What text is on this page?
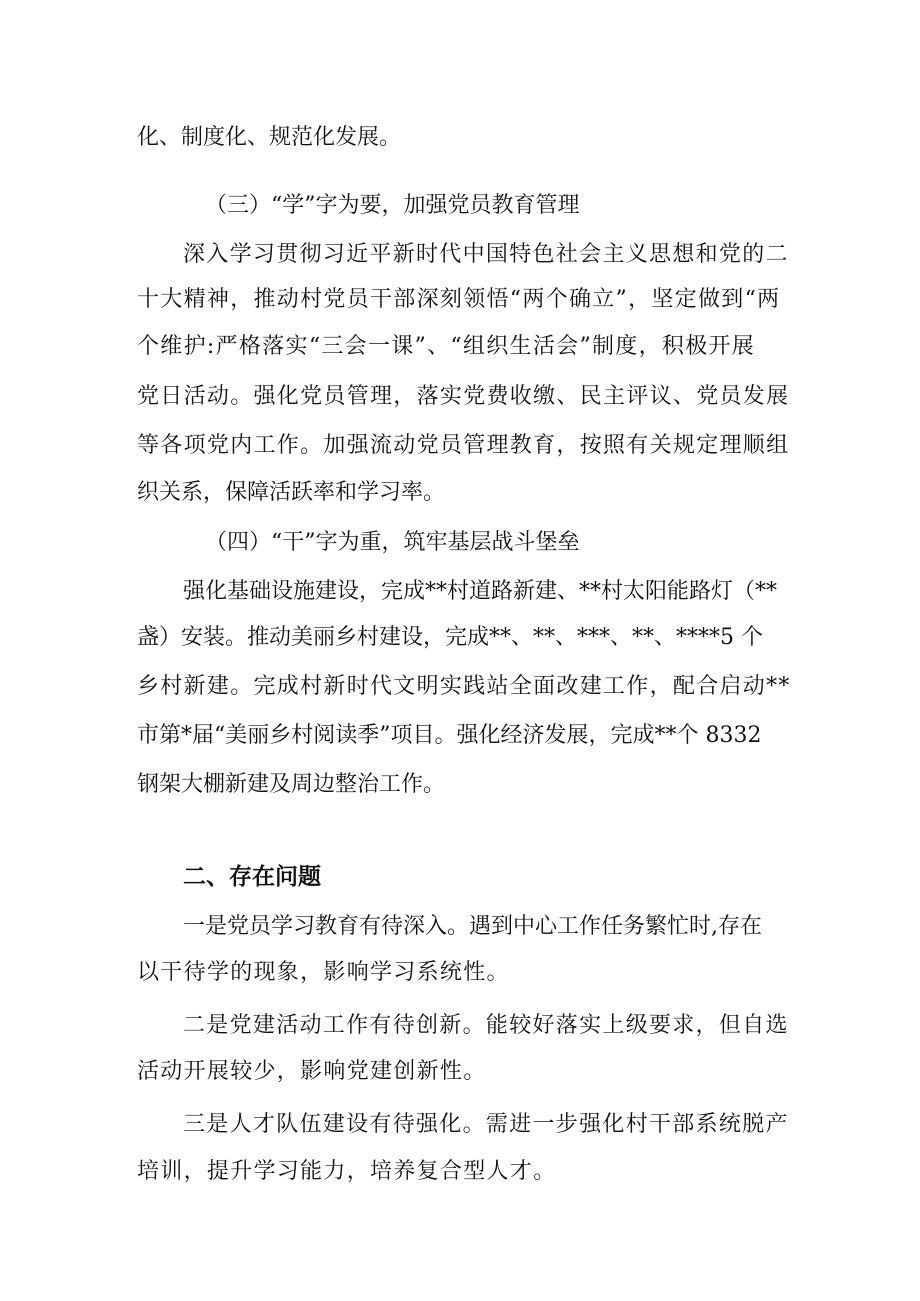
化、制度化、规范化发展。
（三）“学”字为要，加强党员教育管理
深入学习贯彻习近平新时代中国特色社会主义思想和党的二
十大精神，推动村党员干部深刻领悟“两个确立”，坚定做到“两
个维护:严格落实“三会一课”、“组织生活会”制度，积极开展
党日活动。强化党员管理，落实党费收缴、民主评议、党员发展
等各项党内工作。加强流动党员管理教育，按照有关规定理顺组
织关系，保障活跃率和学习率。
（四）“干”字为重，筑牢基层战斗堡垒
强化基础设施建设，完成**村道路新建、**村太阳能路灯（**
盏）安装。推动美丽乡村建设，完成**、**、***、**、****5 个
乡村新建。完成村新时代文明实践站全面改建工作，配合启动**
市第*届“美丽乡村阅读季”项目。强化经济发展，完成**个 8332
钢架大棚新建及周边整治工作。
二、存在问题
一是党员学习教育有待深入。遇到中心工作任务繁忙时,存在
以干待学的现象，影响学习系统性。
二是党建活动工作有待创新。能较好落实上级要求，但自选
活动开展较少，影响党建创新性。
三是人才队伍建设有待强化。需进一步强化村干部系统脱产
培训，提升学习能力，培养复合型人才。
